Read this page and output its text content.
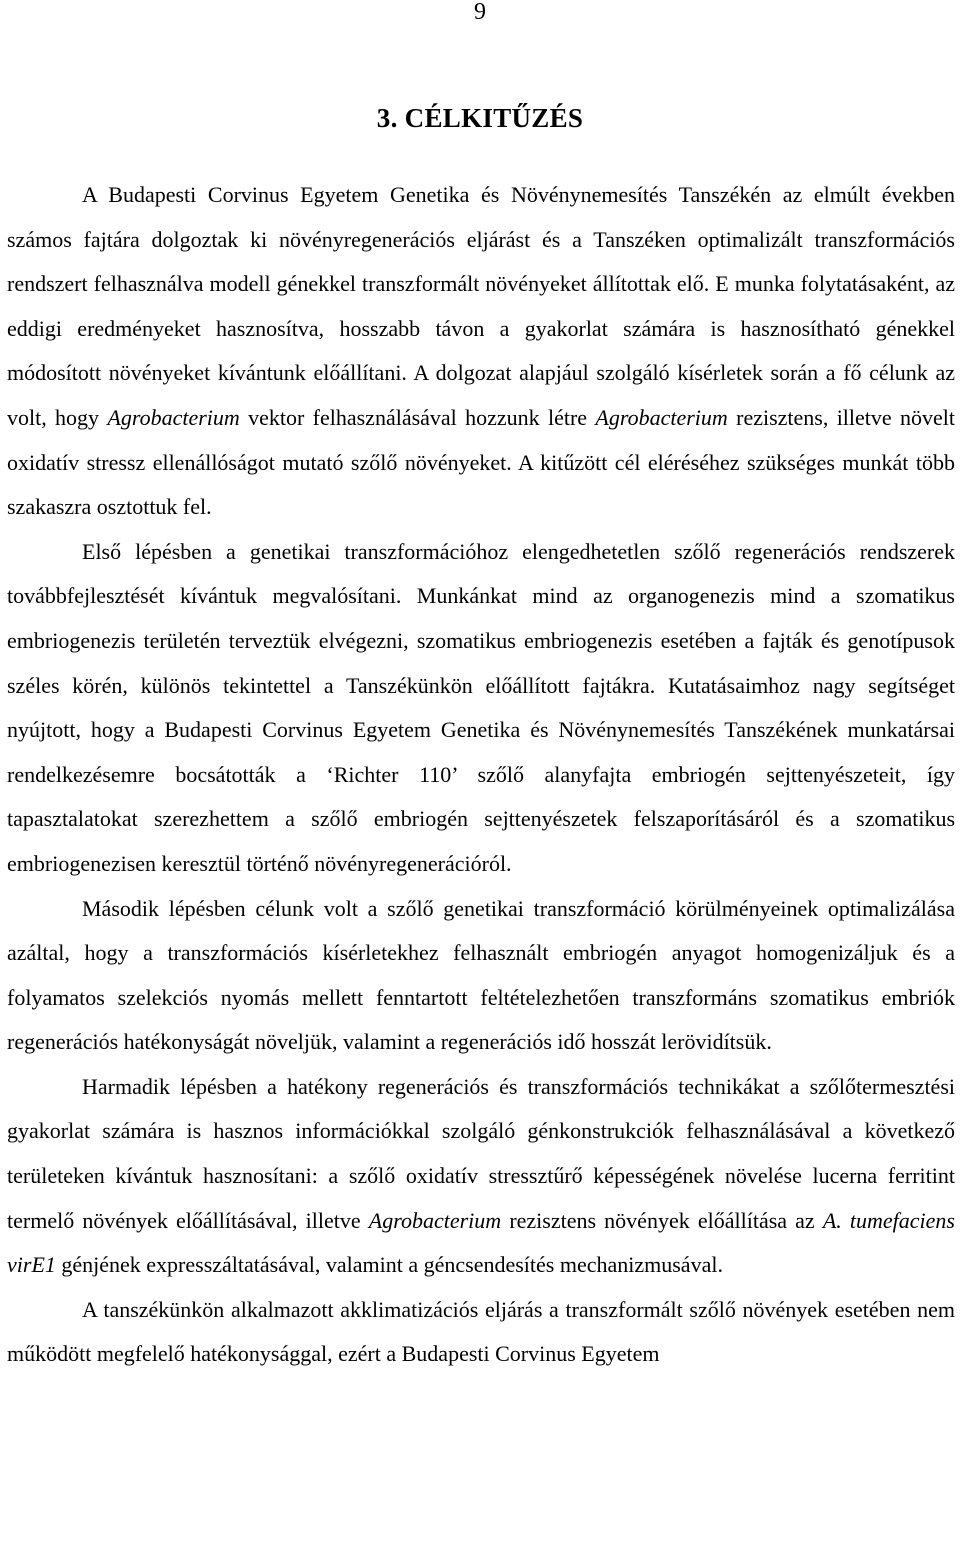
9
3. CÉLKITŰZÉS

A Budapesti Corvinus Egyetem Genetika és Növénynemesítés Tanszékén az elmúlt években számos fajtára dolgoztak ki növényregenerációs eljárást és a Tanszéken optimalizált transzformációs rendszert felhasználva modell génekkel transzformált növényeket állítottak elő. E munka folytatásaként, az eddigi eredményeket hasznosítva, hosszabb távon a gyakorlat számára is hasznosítható génekkel módosított növényeket kívántunk előállítani. A dolgozat alapjául szolgáló kísérletek során a fő célunk az volt, hogy Agrobacterium vektor felhasználásával hozzunk létre Agrobacterium rezisztens, illetve növelt oxidatív stressz ellenállóságot mutató szőlő növényeket. A kitűzött cél eléréséhez szükséges munkát több szakaszra osztottuk fel.

Első lépésben a genetikai transzformációhoz elengedhetetlen szőlő regenerációs rendszerek továbbfejlesztését kívántuk megvalósítani. Munkánkat mind az organogenezis mind a szomatikus embriogenezis területén terveztük elvégezni, szomatikus embriogenezis esetében a fajták és genotípusok széles körén, különös tekintettel a Tanszékünkön előállított fajtákra. Kutatásaimhoz nagy segítséget nyújtott, hogy a Budapesti Corvinus Egyetem Genetika és Növénynemesítés Tanszékének munkatársai rendelkezésemre bocsátották a ‘Richter 110’ szőlő alanyfajta embriogén sejttenyészeteit, így tapasztalatokat szerezhettem a szőlő embriogén sejttenyészetek felszaporításáról és a szomatikus embriogenezisen keresztül történő növényregenerációról.

Második lépésben célunk volt a szőlő genetikai transzformáció körülményeinek optimalizálása azáltal, hogy a transzformációs kísérletekhez felhasznált embriogén anyagot homogenizáljuk és a folyamatos szelekciós nyomás mellett fenntartott feltételezhetően transzformáns szomatikus embriók regenerációs hatékonyságát növeljük, valamint a regenerációs idő hosszát lerövidítsük.

Harmadik lépésben a hatékony regenerációs és transzformációs technikákat a szőlőtermesztési gyakorlat számára is hasznos információkkal szolgáló génkonstrukciók felhasználásával a következő területeken kívántuk hasznosítani: a szőlő oxidatív stressztűrő képességének növelése lucerna ferritint termelő növények előállításával, illetve Agrobacterium rezisztens növények előállítása az A. tumefaciens virE1 génjének expresszáltatásával, valamint a géncsendesítés mechanizmusával.

A tanszékünkön alkalmazott akklimatizációs eljárás a transzformált szőlő növények esetében nem működött megfelelő hatékonysággal, ezért a Budapesti Corvinus Egyetem
